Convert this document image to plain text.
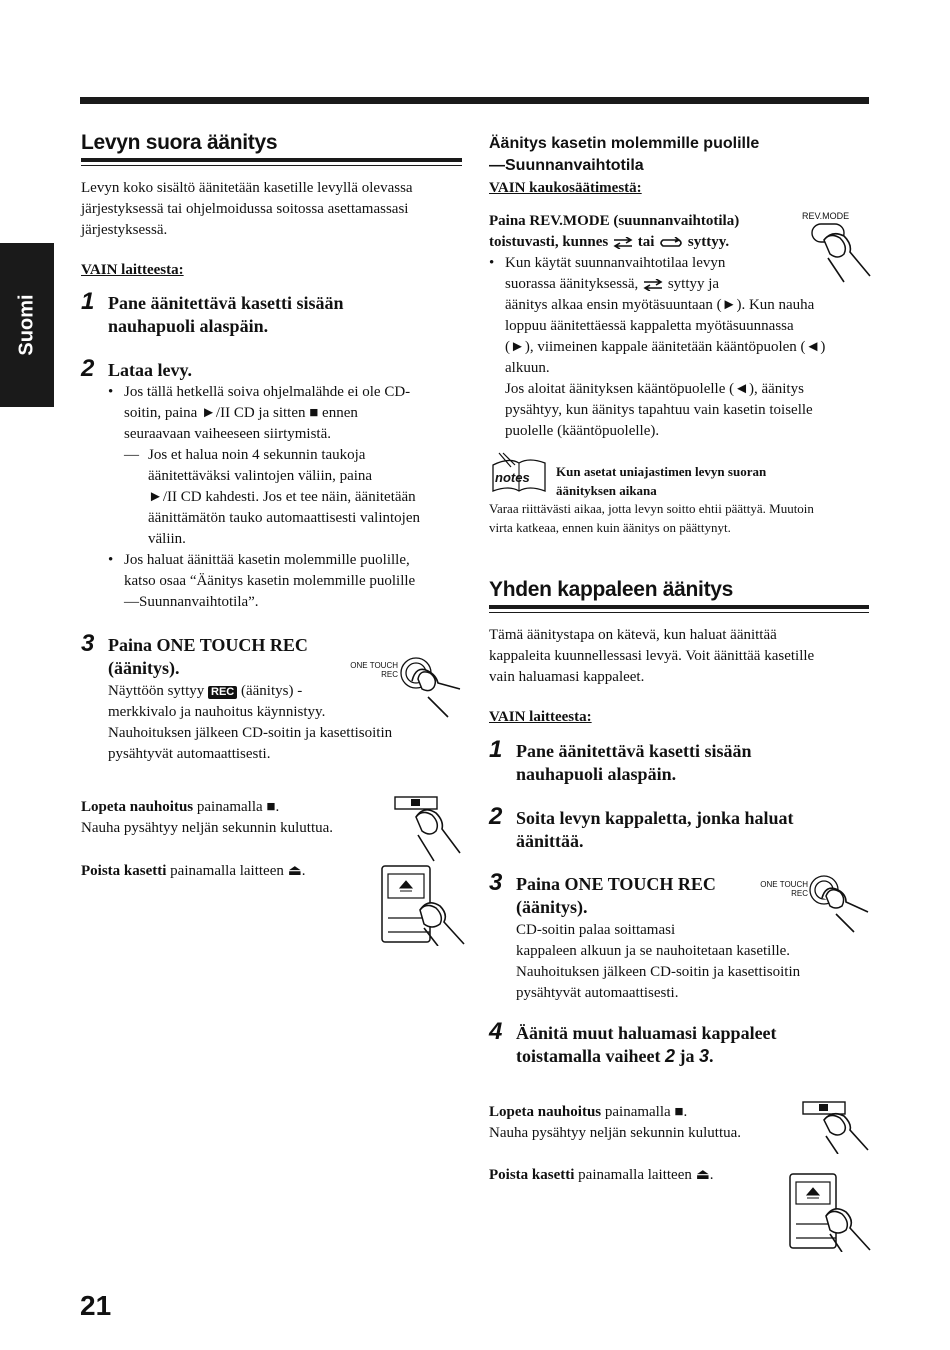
Suomi
Levyn suora äänitys
Levyn koko sisältö äänitetään kasetille levyllä olevassa
järjestyksessä tai ohjelmoidussa soitossa asettamassasi
järjestyksessä.
VAIN laitteesta:
1 Pane äänitettävä kasetti sisään
nauhapuoli alaspäin.
2 Lataa levy.
• Jos tällä hetkellä soiva ohjelmalähde ei ole CD-
soitin, paina ►/II CD ja sitten ■ ennen
seuraavaan vaiheeseen siirtymistä.
— Jos et halua noin 4 sekunnin taukoja
äänitettäväksi valintojen väliin, paina
►/II CD kahdesti. Jos et tee näin, äänitetään
äänittämätön tauko automaattisesti valintojen
väliin.
• Jos haluat äänittää kasetin molemmille puolille,
katso osaa “Äänitys kasetin molemmille puolille
—Suunnanvaihtotila”.
3 Paina ONE TOUCH REC
(äänitys).
Näyttöön syttyy REC (äänitys) -
merkkivalo ja nauhoitus käynnistyy.
Nauhoituksen jälkeen CD-soitin ja kasettisoitin
pysähtyvät automaattisesti.
ONE TOUCH
REC
Lopeta nauhoitus painamalla ■.
Nauha pysähtyy neljän sekunnin kuluttua.
Poista kasetti painamalla laitteen ⏏.
Äänitys kasetin molemmille puolille
—Suunnanvaihtotila
VAIN kaukosäätimestä:
Paina REV.MODE (suunnanvaihtotila)
toistuvasti, kunnes tai syttyy.
REV.MODE
• Kun käytät suunnanvaihtotilaa levyn
suorassa äänityksessä, syttyy ja
äänitys alkaa ensin myötäsuuntaan (►). Kun nauha
loppuu äänitettäessä kappaletta myötäsuunnassa
(►), viimeinen kappale äänitetään kääntöpuolen (◄)
alkuun.
Jos aloitat äänityksen kääntöpuolelle (◄), äänitys
pysähtyy, kun äänitys tapahtuu vain kasetin toiselle
puolelle (kääntöpuolelle).
notes Kun asetat uniajastimen levyn suoran
äänityksen aikana
Varaa riittävästi aikaa, jotta levyn soitto ehtii päättyä. Muutoin
virta katkeaa, ennen kuin äänitys on päättynyt.
Yhden kappaleen äänitys
Tämä äänitystapa on kätevä, kun haluat äänittää
kappaleita kuunnellessasi levyä. Voit äänittää kasetille
vain haluamasi kappaleet.
VAIN laitteesta:
1 Pane äänitettävä kasetti sisään
nauhapuoli alaspäin.
2 Soita levyn kappaletta, jonka haluat
äänittää.
3 Paina ONE TOUCH REC
(äänitys).
CD-soitin palaa soittamasi
kappaleen alkuun ja se nauhoitetaan kasetille.
Nauhoituksen jälkeen CD-soitin ja kasettisoitin
pysähtyvät automaattisesti.
ONE TOUCH
REC
4 Äänitä muut haluamasi kappaleet
toistamalla vaiheet 2 ja 3.
Lopeta nauhoitus painamalla ■.
Nauha pysähtyy neljän sekunnin kuluttua.
Poista kasetti painamalla laitteen ⏏.
21
